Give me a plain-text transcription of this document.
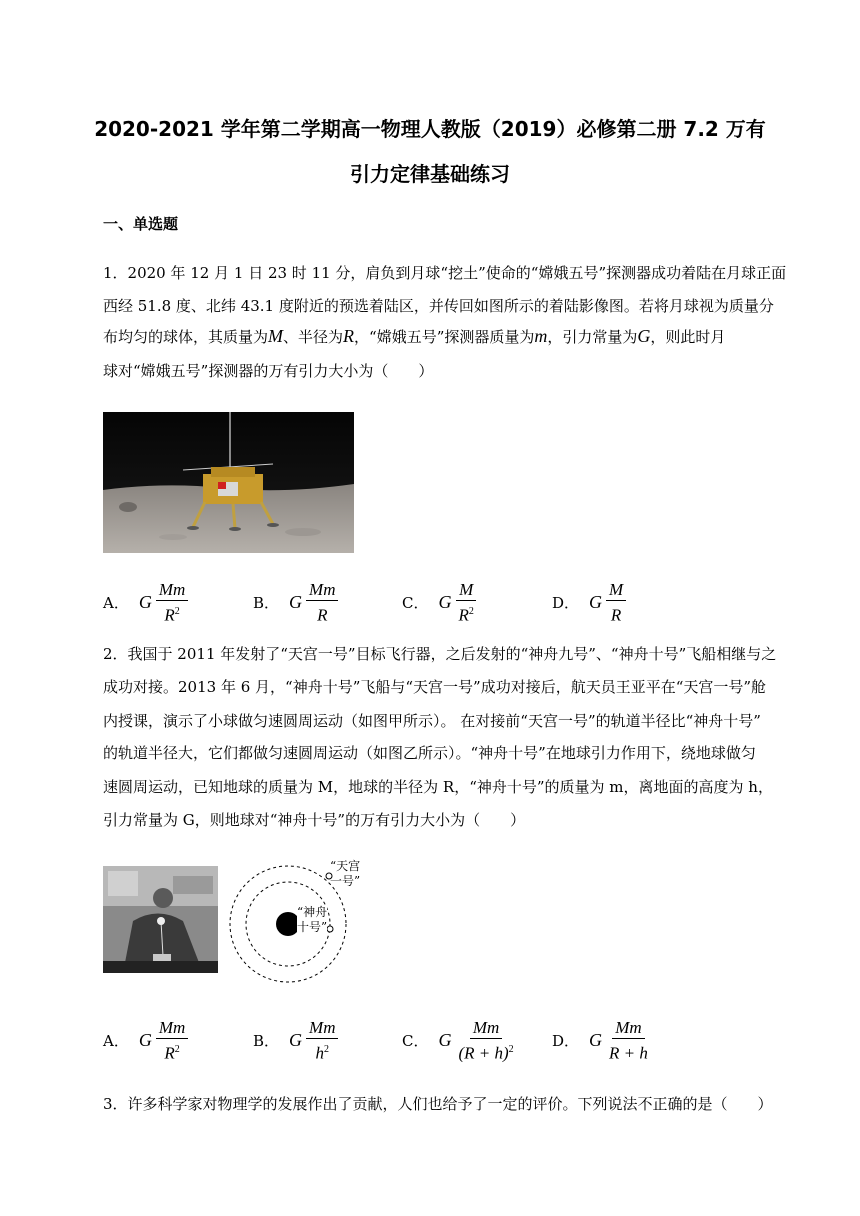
2020-2021 学年第二学期高一物理人教版（2019）必修第二册 7.2 万有
引力定律基础练习
一、单选题
1．2020 年 12 月 1 日 23 时 11 分，肩负到月球“挖土”使命的“嫦娥五号”探测器成功着陆在月球正面
西经 51.8 度、北纬 43.1 度附近的预选着陆区，并传回如图所示的着陆影像图。若将月球视为质量分
布均匀的球体，其质量为M、半径为R，“嫦娥五号”探测器质量为m，引力常量为G，则此时月
球对“嫦娥五号”探测器的万有引力大小为（　　）
A． G $\frac{Mm}{R^2}$	B． G $\frac{Mm}{R}$	C． G $\frac{M}{R^2}$	D． G $\frac{M}{R}$
2．我国于 2011 年发射了“天宫一号”目标飞行器，之后发射的“神舟九号”、“神舟十号”飞船相继与之
成功对接。2013 年 6 月，“神舟十号”飞船与“天宫一号”成功对接后，航天员王亚平在“天宫一号”舱
内授课，演示了小球做匀速圆周运动（如图甲所示）。 在对接前“天宫一号”的轨道半径比“神舟十号”
的轨道半径大，它们都做匀速圆周运动（如图乙所示）。“神舟十号”在地球引力作用下，绕地球做匀
速圆周运动，已知地球的质量为 M，地球的半径为 R，“神舟十号”的质量为 m，离地面的高度为 h，
引力常量为 G，则地球对“神舟十号”的万有引力大小为（　　）
“天宫
一号”
“神舟
十号”
A． G $\frac{Mm}{R^2}$	B． G $\frac{Mm}{h^2}$	C． G $\frac{Mm}{(R + h)^2}$ D． G $\frac{Mm}{R + h}$
3．许多科学家对物理学的发展作出了贡献，人们也给予了一定的评价。下列说法不正确的是（　　）
